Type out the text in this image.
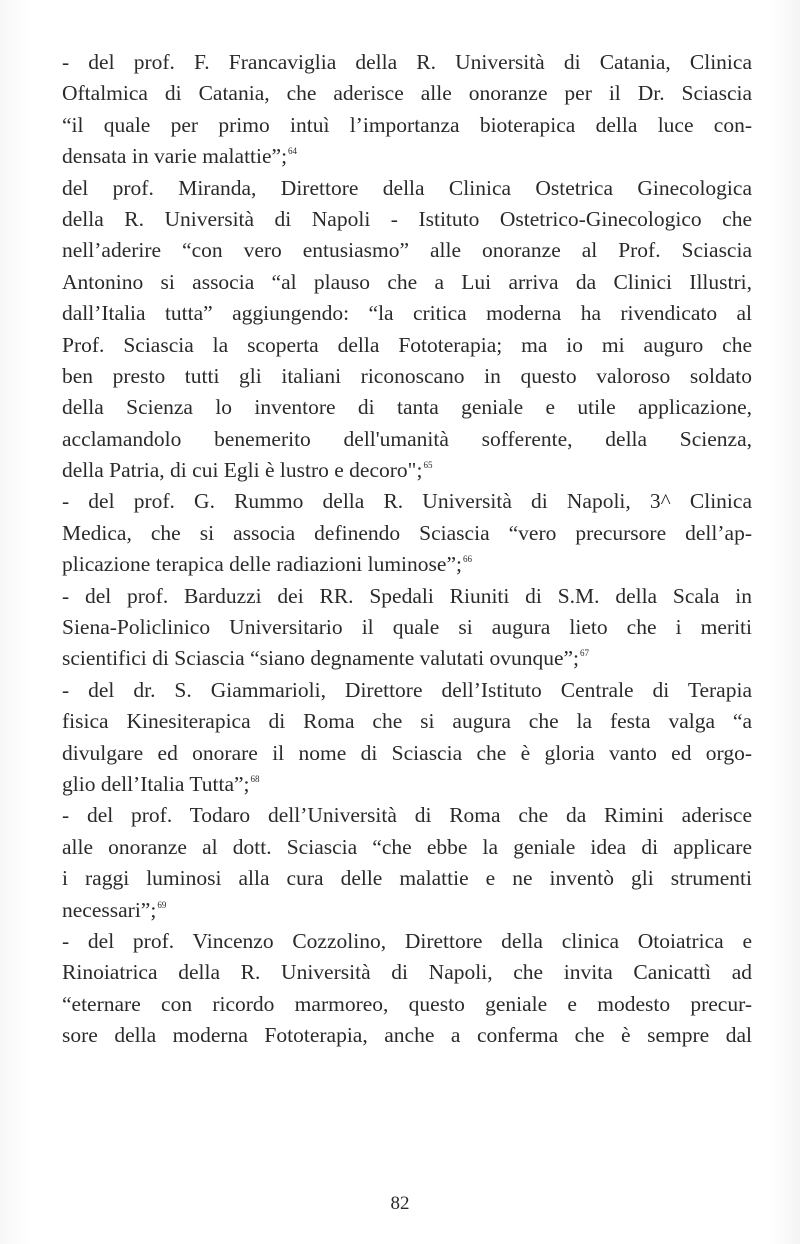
- del prof. F. Francaviglia della R. Università di Catania, Clinica
Oftalmica di Catania, che aderisce alle onoranze per il Dr. Sciascia
“il quale per primo intuì l’importanza bioterapica della luce con-
densata in varie malattie”;$^{64}$
del prof. Miranda, Direttore della Clinica Ostetrica Ginecologica
della R. Università di Napoli - Istituto Ostetrico-Ginecologico che
nell’aderire “con vero entusiasmo” alle onoranze al Prof. Sciascia
Antonino si associa “al plauso che a Lui arriva da Clinici Illustri,
dall’Italia tutta” aggiungendo: “la critica moderna ha rivendicato al
Prof. Sciascia la scoperta della Fototerapia; ma io mi auguro che
ben presto tutti gli italiani riconoscano in questo valoroso soldato
della Scienza lo inventore di tanta geniale e utile applicazione,
acclamandolo benemerito dell'umanità sofferente, della Scienza,
della Patria, di cui Egli è lustro e decoro";$^{65}$
- del prof. G. Rummo della R. Università di Napoli, 3^ Clinica
Medica, che si associa definendo Sciascia “vero precursore dell’ap-
plicazione terapica delle radiazioni luminose”;$^{66}$
- del prof. Barduzzi dei RR. Spedali Riuniti di S.M. della Scala in
Siena-Policlinico Universitario il quale si augura lieto che i meriti
scientifici di Sciascia “siano degnamente valutati ovunque”;$^{67}$
- del dr. S. Giammarioli, Direttore dell’Istituto Centrale di Terapia
fisica Kinesiterapica di Roma che si augura che la festa valga “a
divulgare ed onorare il nome di Sciascia che è gloria vanto ed orgo-
glio dell’Italia Tutta”;$^{68}$
- del prof. Todaro dell’Università di Roma che da Rimini aderisce
alle onoranze al dott. Sciascia “che ebbe la geniale idea di applicare
i raggi luminosi alla cura delle malattie e ne inventò gli strumenti
necessari”;$^{69}$
- del prof. Vincenzo Cozzolino, Direttore della clinica Otoiatrica e
Rinoiatrica della R. Università di Napoli, che invita Canicattì ad
“eternare con ricordo marmoreo, questo geniale e modesto precur-
sore della moderna Fototerapia, anche a conferma che è sempre dal
82
